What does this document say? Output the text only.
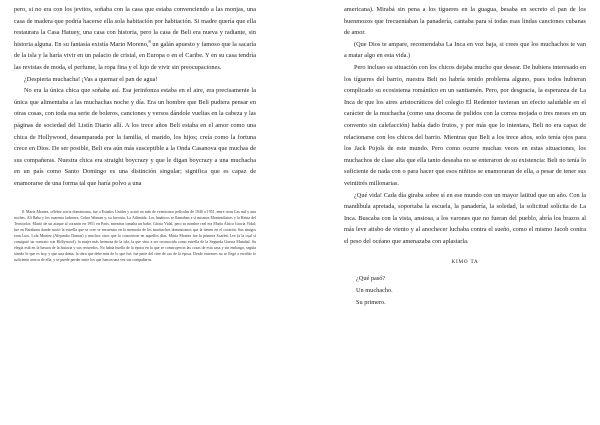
pero, si no era con los jevitos, soñaba con la casa que estaba convenciendo a las monjas, una casa de madera que podría hacerse ella sola habitación por habitación. Si madre quería que ella restaurara la Casa Hatuey, una casa con historia, pero la casa de Beli era nueva y radiante, sin historia alguna. En su fantasía existía Mario Moreno,$^8$ un galán apuesto y famoso que la sacaría de la isla y la haría vivir en un palacio de cristal, en Europa o en el Caribe. Y en su casa tendría las revistas de moda, el perfume, la ropa fina y el lujo de vivir sin preocupaciones.

¿Despierta muchacha! ¡Vas a quemar el pan de agua!

No era la única chica que soñaba así. Esa jerinfonza estaba en el aire, era precisamente la única que alimentaba a las muchachas noche y día. Era un hombre que Beli pudiera pensar en otras cosas, con toda esa serie de boleros, canciones y versos dándole vueltas en la cabeza y las páginas de sociedad del Listín Diario allí. A los trece años Beli estaba en el amor como una chica de Hollywood, desamparada por la familia, el marido, los hijos; creía como la fortuna crece en Dios. De ser posible, Beli era aún más susceptible a la Onda Casanova que muchas de sus compañeras. Nuestra chica era straight boycrazy y que le digan boycrazy a una muchacha en un país como Santo Domingo es una distinción singular; significa que es capaz de enamorarse de una forma tal que haría polvo a una

8. María Montez, célebre actriz dominicana, fue a Estados Unidos y actuó en más de veinticinco películas de 1940 a 1951, entre otras Las mil y una noches, Alí Baba y los cuarenta ladrones, Cobra Woman y, su favorita, La Atlántida. Los fanáticos se llamaban a sí mismos Montezólatras y la Reina del Tecnicolor. Murió de un ataque al corazón en 1951 en París, mientras tomaba un baño. Gloria Vidal, pero su nombre real era María África Gracia Vidal; fue en Barahona donde nació la estrella que se cree se encuentra en la memoria de los muchachos dominicanos que la tienen en el corazón. Sus amigos eran Luis, Lola Montez (Alejandro Dumas) y muchos otros que la conocieron en aquellos días. María Montez fue la primera Scarlett Lee (a la cual sí consiguió un contrato con Hollywood), la mujer más hermosa de la isla, la que vino a ser reconocida como estrella de la Segunda Guerra Mundial. Su elegía está en la basura de la historia y sus recuerdos. No había huella de la época en la que se construyeron las cosas de esta casa y sin embargo, seguía siendo lo que es hoy, y que una dama, la obra que debe más de lo que fue, fue parte del cine de oro de la época. Desde entonces no se llegó a escribir lo suficiente acerca de ella, y se puede perder entre los que fueron una vez sus compañeros.

americana). Mirabá sin pena a los tígueres en la guagua, besaba en secreto el pan de los buenmozos que frecuentaban la panadería, cantaba para sí todas esas lindas canciones cubanas de amor.

(Que Dios te ampare, recomendaba La Inca en voz baja, si crees que los muchachos te van a matar algo en esta vida.)

Pero incluso su situación con los chicos dejaba mucho que desear. De hubiera interesado en los tígueres del barrio, nuestra Beli no habría tenido problema alguno, pues todos hubieran complicado su ecosistema romántico en un santiamén. Pero, por desgracia, la esperanza de La Inca de que los aires aristocráticos del colegio El Redentor tuvieran un efecto saludable en el carácter de la muchacha (como una docena de pulidos con la correa mojada o tres meses en un convento sin calefacción) había dado frutos, y por más que lo intentara, Beli no era capaz de relacionarse con los chicos del barrio. Mientras que Beli a los trece años, solo tenía ojos para los Jack Pujols de este mundo. Pero como ocurre muchas veces en estas situaciones, los muchachos de clase alta que ella tanto deseaba no se enteraron de su existencia: Beli no tenía lo suficiente de nada con o para hacer que esos niñitos se enamoraran de ella, a pesar de tener sus veintitrés millonarias.

¿Qué vida! Cada día giraba sobre sí en ese mundo con un mayor latitud que un año. Con la mandíbula apretada, soportaba la escuela, la panadería, la soledad, la solicitud solícita de La Inca. Buscaba con la vista, ansiosa, a los varones que no fueran del pueblo, abría los brazos al más leve atisbo de viento y al anochecer luchaba contra el sueño, como el mismo Jacob contra el peso del océano que amenazaba con aplastarla.

KIMO TA

¿Qué pasó?

Un muchacho.

Su primero.
